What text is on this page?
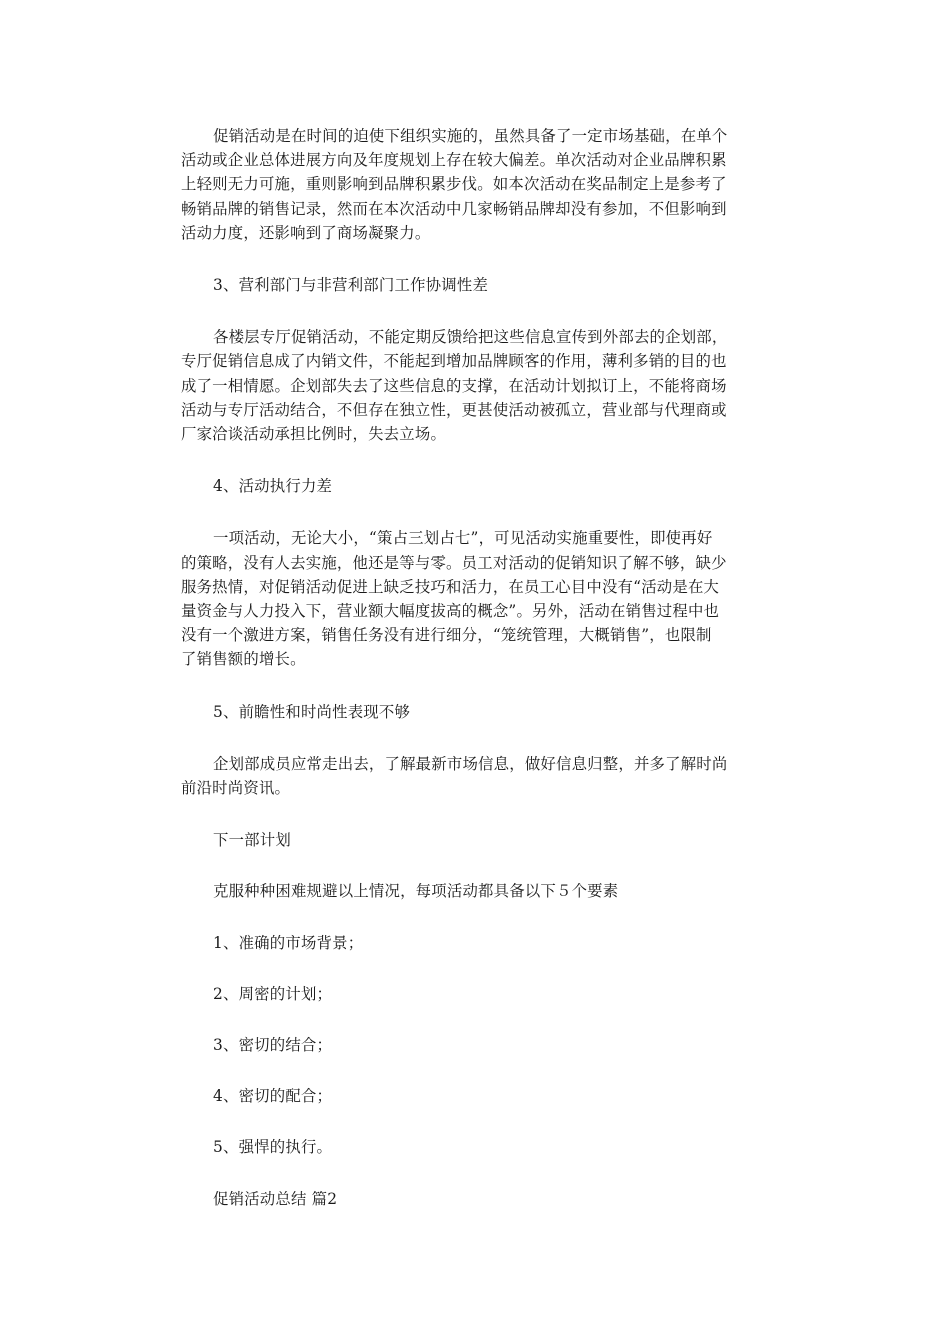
促销活动是在时间的迫使下组织实施的，虽然具备了一定市场基础，在单个
活动或企业总体进展方向及年度规划上存在较大偏差。单次活动对企业品牌积累
上轻则无力可施，重则影响到品牌积累步伐。如本次活动在奖品制定上是参考了
畅销品牌的销售记录，然而在本次活动中几家畅销品牌却没有参加，不但影响到
活动力度，还影响到了商场凝聚力。

3、营利部门与非营利部门工作协调性差

各楼层专厅促销活动，不能定期反馈给把这些信息宣传到外部去的企划部，
专厅促销信息成了内销文件，不能起到增加品牌顾客的作用，薄利多销的目的也
成了一相情愿。企划部失去了这些信息的支撑，在活动计划拟订上，不能将商场
活动与专厅活动结合，不但存在独立性，更甚使活动被孤立，营业部与代理商或
厂家洽谈活动承担比例时，失去立场。

4、活动执行力差

一项活动，无论大小，“策占三划占七”，可见活动实施重要性，即使再好
的策略，没有人去实施，他还是等与零。员工对活动的促销知识了解不够，缺少
服务热情，对促销活动促进上缺乏技巧和活力，在员工心目中没有“活动是在大
量资金与人力投入下，营业额大幅度拔高的概念”。另外，活动在销售过程中也
没有一个激进方案，销售任务没有进行细分，“笼统管理，大概销售”，也限制
了销售额的增长。

5、前瞻性和时尚性表现不够

企划部成员应常走出去，了解最新市场信息，做好信息归整，并多了解时尚
前沿时尚资讯。

下一部计划

克服种种困难规避以上情况，每项活动都具备以下５个要素

1、准确的市场背景；

2、周密的计划；

3、密切的结合；

4、密切的配合；

5、强悍的执行。

促销活动总结 篇2
